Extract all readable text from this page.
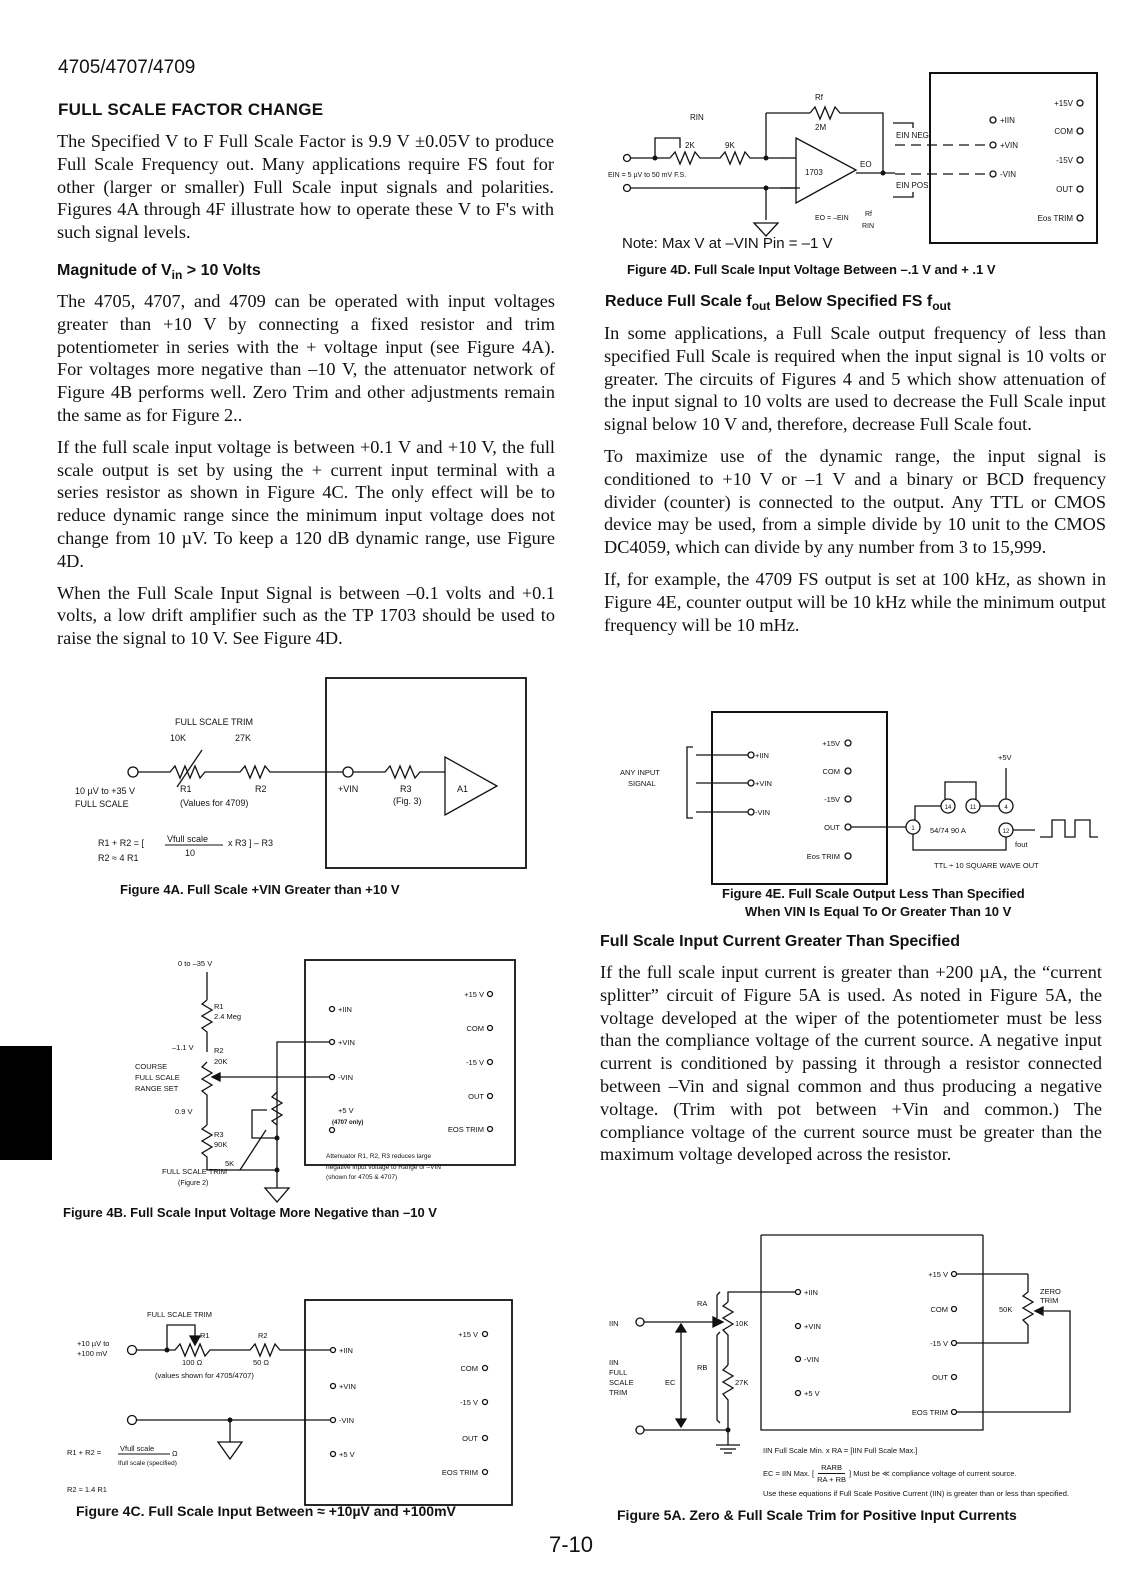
4705/4707/4709
FULL SCALE FACTOR CHANGE

The Specified V to F Full Scale Factor is 9.9 V ±0.05V to produce Full Scale Frequency out. Many applications require FS fout for other (larger or smaller) Full Scale input signals and polarities. Figures 4A through 4F illustrate how to operate these V to F's with such signal levels.

Magnitude of $V_{in} > 10$ Volts

The 4705, 4707, and 4709 can be operated with input voltages greater than +10 V by connecting a fixed resistor and trim potentiometer in series with the + voltage input (see Figure 4A). For voltages more negative than –10 V, the attenuator network of Figure 4B performs well. Zero Trim and other adjustments remain the same as for Figure 2..

If the full scale input voltage is between +0.1 V and +10 V, the full scale output is set by using the + current input terminal with a series resistor as shown in Figure 4C. The only effect will be to reduce dynamic range since the minimum input voltage does not change from 10 µV. To keep a 120 dB dynamic range, use Figure 4D.

When the Full Scale Input Signal is between –0.1 volts and +0.1 volts, a low drift amplifier such as the TP 1703 should be used to raise the signal to 10 V. See Figure 4D.

Reduce Full Scale $f_{out}$ Below Specified FS $f_{out}$

In some applications, a Full Scale output frequency of less than specified Full Scale is required when the input signal is 10 volts or greater. The circuits of Figures 4 and 5 which show attenuation of the input signal to 10 volts are used to decrease the Full Scale input signal below 10 V and, therefore, decrease Full Scale fout.

To maximize use of the dynamic range, the input signal is conditioned to +10 V or –1 V and a binary or BCD frequency divider (counter) is connected to the output. Any TTL or CMOS device may be used, from a simple divide by 10 unit to the CMOS DC4059, which can divide by any number from 3 to 15,999.

If, for example, the 4709 FS output is set at 100 kHz, as shown in Figure 4E, counter output will be 10 kHz while the minimum output frequency will be 10 mHz.

Full Scale Input Current Greater Than Specified

If the full scale input current is greater than +200 µA, the “current splitter” circuit of Figure 5A is used. As noted in Figure 5A, the voltage developed at the wiper of the potentiometer must be less than the compliance voltage of the current source. A negative input current is conditioned by passing it through a resistor connected between –Vin and signal common and thus producing a negative voltage. (Trim with pot between +Vin and common.) The compliance voltage of the current source must be greater than the maximum voltage developed across the resistor.

RIN
Rf
2M
2K	9K
1703
EO
EIN = 5 µV to 50 mV F.S.
EIN NEG
EIN POS
EO = –EIN
Rf
RIN
+IIN
+VIN
-VIN
+15V
COM
-15V
OUT
Eos TRIM
Note: Max V at –VIN Pin = –1 V
Figure 4D. Full Scale Input Voltage Between –.1 V and + .1 V
FULL SCALE TRIM
10K	27K
R1	R2
(Values for 4709)
10 µV to +35 V
FULL SCALE
+VIN	R3
(Fig. 3)
A1
R1 + R2 = [	Vfull scale
10
x R3 ] – R3
R2 ≈ 4 R1
Figure 4A. Full Scale +VIN Greater than +10 V
+IIN
+VIN
-VIN
+15V
COM
-15V
OUT
Eos TRIM
ANY INPUT
SIGNAL
54/74 90 A
+5V
fout
TTL ÷ 10 SQUARE WAVE OUT
14	11	4
1	12
Figure 4E. Full Scale Output Less Than Specified
When VIN Is Equal To Or Greater Than 10 V
0 to –35 V
R1
2.4 Meg
–1.1 V	R2
20K
COURSE
FULL SCALE
RANGE SET
0.9 V
R3
90K
+IIN
+VIN
-VIN
+5 V
(4707 only)
+15 V
COM
-15 V
OUT
EOS TRIM
5K
FULL SCALE TRIM
(Figure 2)
Attenuator R1, R2, R3 reduces large
negative input voltage to Range of –VIN
(shown for 4705 & 4707)
Figure 4B. Full Scale Input Voltage More Negative than –10 V
FULL SCALE TRIM
R1	R2
100 Ω	50 Ω
(values shown for 4705/4707)
+10 µV to
+100 mV
R1 + R2 =	Vfull scale
Ifull scale (specified)
Ω
R2 ≈ 1.4 R1
+IIN
+VIN
-VIN
+5 V
+15 V
COM
-15 V
OUT
EOS TRIM
Figure 4C. Full Scale Input Between ≈ +10µV and +100mV
RA
10K
IIN
RB
27K
EC
IIN
FULL
SCALE
TRIM
+IIN
+VIN
-VIN
+5 V
+15 V
COM
-15 V
OUT
EOS TRIM
ZERO
TRIM
50K
IIN Full Scale Min. x RA = [IIN Full Scale Max.]
EC = IIN Max. [
RARB
RA + RB
] Must be ≪ compliance voltage of current source.
Use these equations if Full Scale Positive Current (IIN) is greater than or less than specified.
Figure 5A. Zero & Full Scale Trim for Positive Input Currents
7-10
